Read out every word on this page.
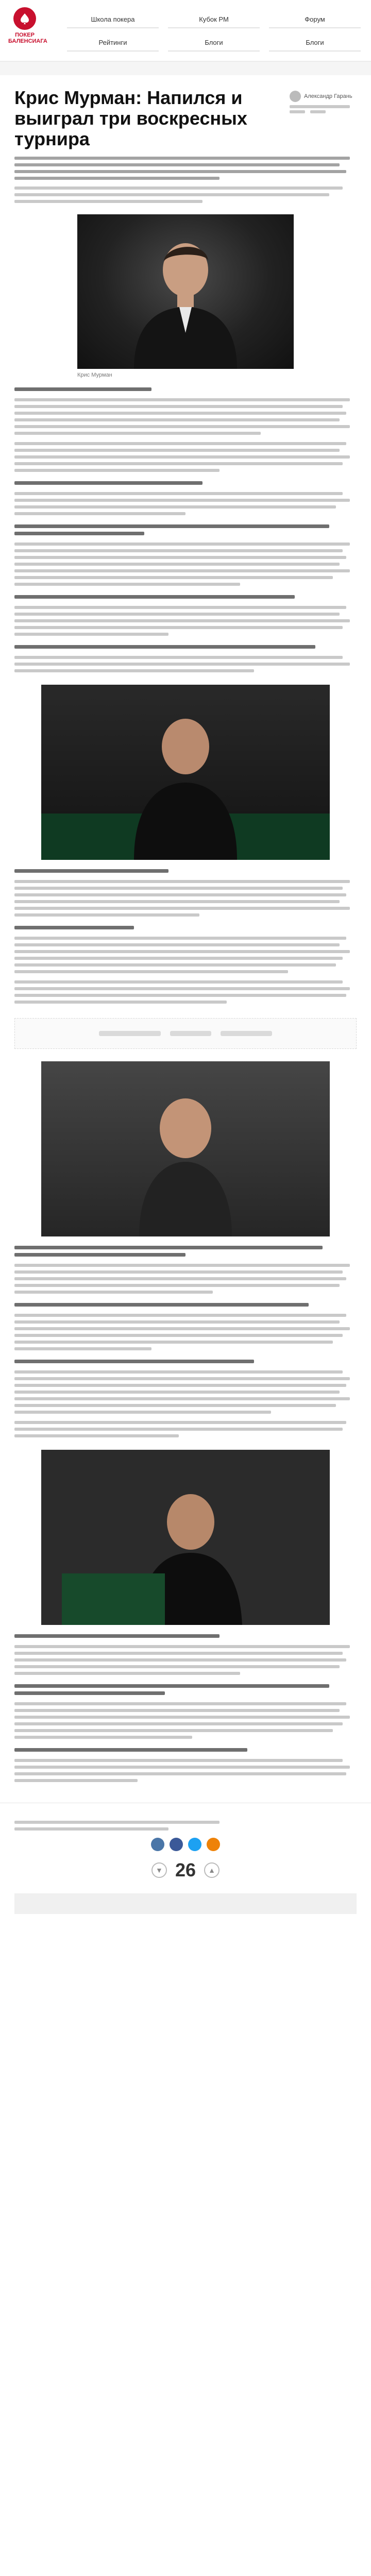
ПОКЕР
БАЛЕНСИАГА
Школа покера	Кубок РМ	Форум
Рейтинги	Блоги	Блоги
Крис Мурман: Напился и выиграл три воскресных турнира
Александр Гарань
Крис Мурман
▼ 26	▲
